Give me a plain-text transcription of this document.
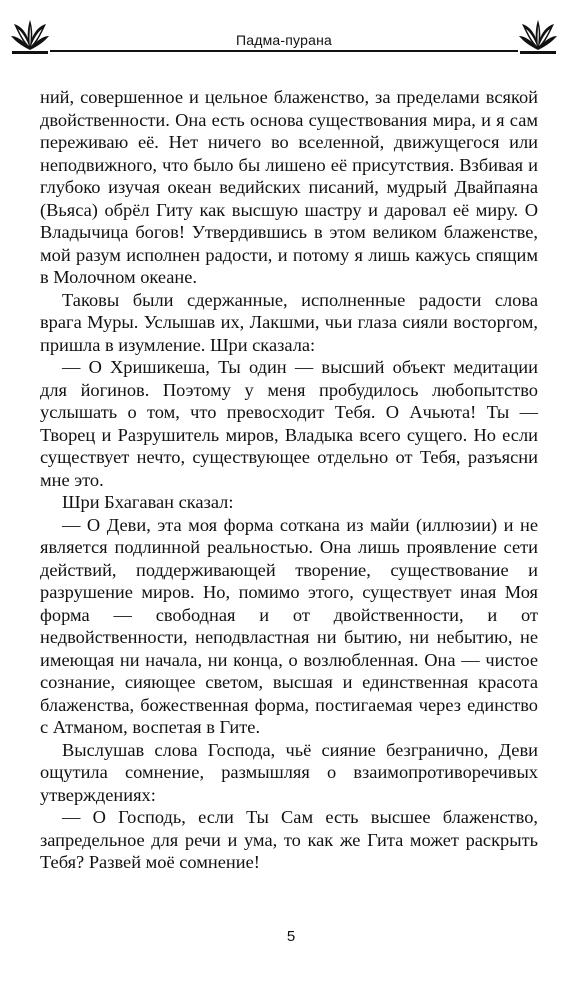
Падма-пурана

ний, совершенное и цельное блаженство, за пределами всякой двойственности. Она есть основа существования мира, и я сам переживаю её. Нет ничего во вселенной, движущегося или неподвижного, что было бы лишено её присутствия. Взбивая и глубоко изучая океан ведийских писаний, мудрый Двайпаяна (Вьяса) обрёл Гиту как высшую шастру и даровал её миру. О Владычица богов! Утвердившись в этом великом блаженстве, мой разум исполнен радости, и потому я лишь кажусь спящим в Молочном океане.

Таковы были сдержанные, исполненные радости слова врага Муры. Услышав их, Лакшми, чьи глаза сияли восторгом, пришла в изумление. Шри сказала:

— О Хришикеша, Ты один — высший объект медитации для йогинов. Поэтому у меня пробудилось любопытство услышать о том, что превосходит Тебя. О Ачьюта! Ты — Творец и Разрушитель миров, Владыка всего сущего. Но если существует нечто, существующее отдельно от Тебя, разъясни мне это.

Шри Бхагаван сказал:

— О Деви, эта моя форма соткана из майи (иллюзии) и не является подлинной реальностью. Она лишь проявление сети действий, поддерживающей творение, существование и разрушение миров. Но, помимо этого, существует иная Моя форма — свободная и от двойственности, и от недвойственности, неподвластная ни бытию, ни небытию, не имеющая ни начала, ни конца, о возлюбленная. Она — чистое сознание, сияющее светом, высшая и единственная красота блаженства, божественная форма, постигаемая через единство с Атманом, воспетая в Гите.

Выслушав слова Господа, чьё сияние безгранично, Деви ощутила сомнение, размышляя о взаимопротиворечивых утверждениях:

— О Господь, если Ты Сам есть высшее блаженство, запредельное для речи и ума, то как же Гита может раскрыть Тебя? Развей моё сомнение!

5
